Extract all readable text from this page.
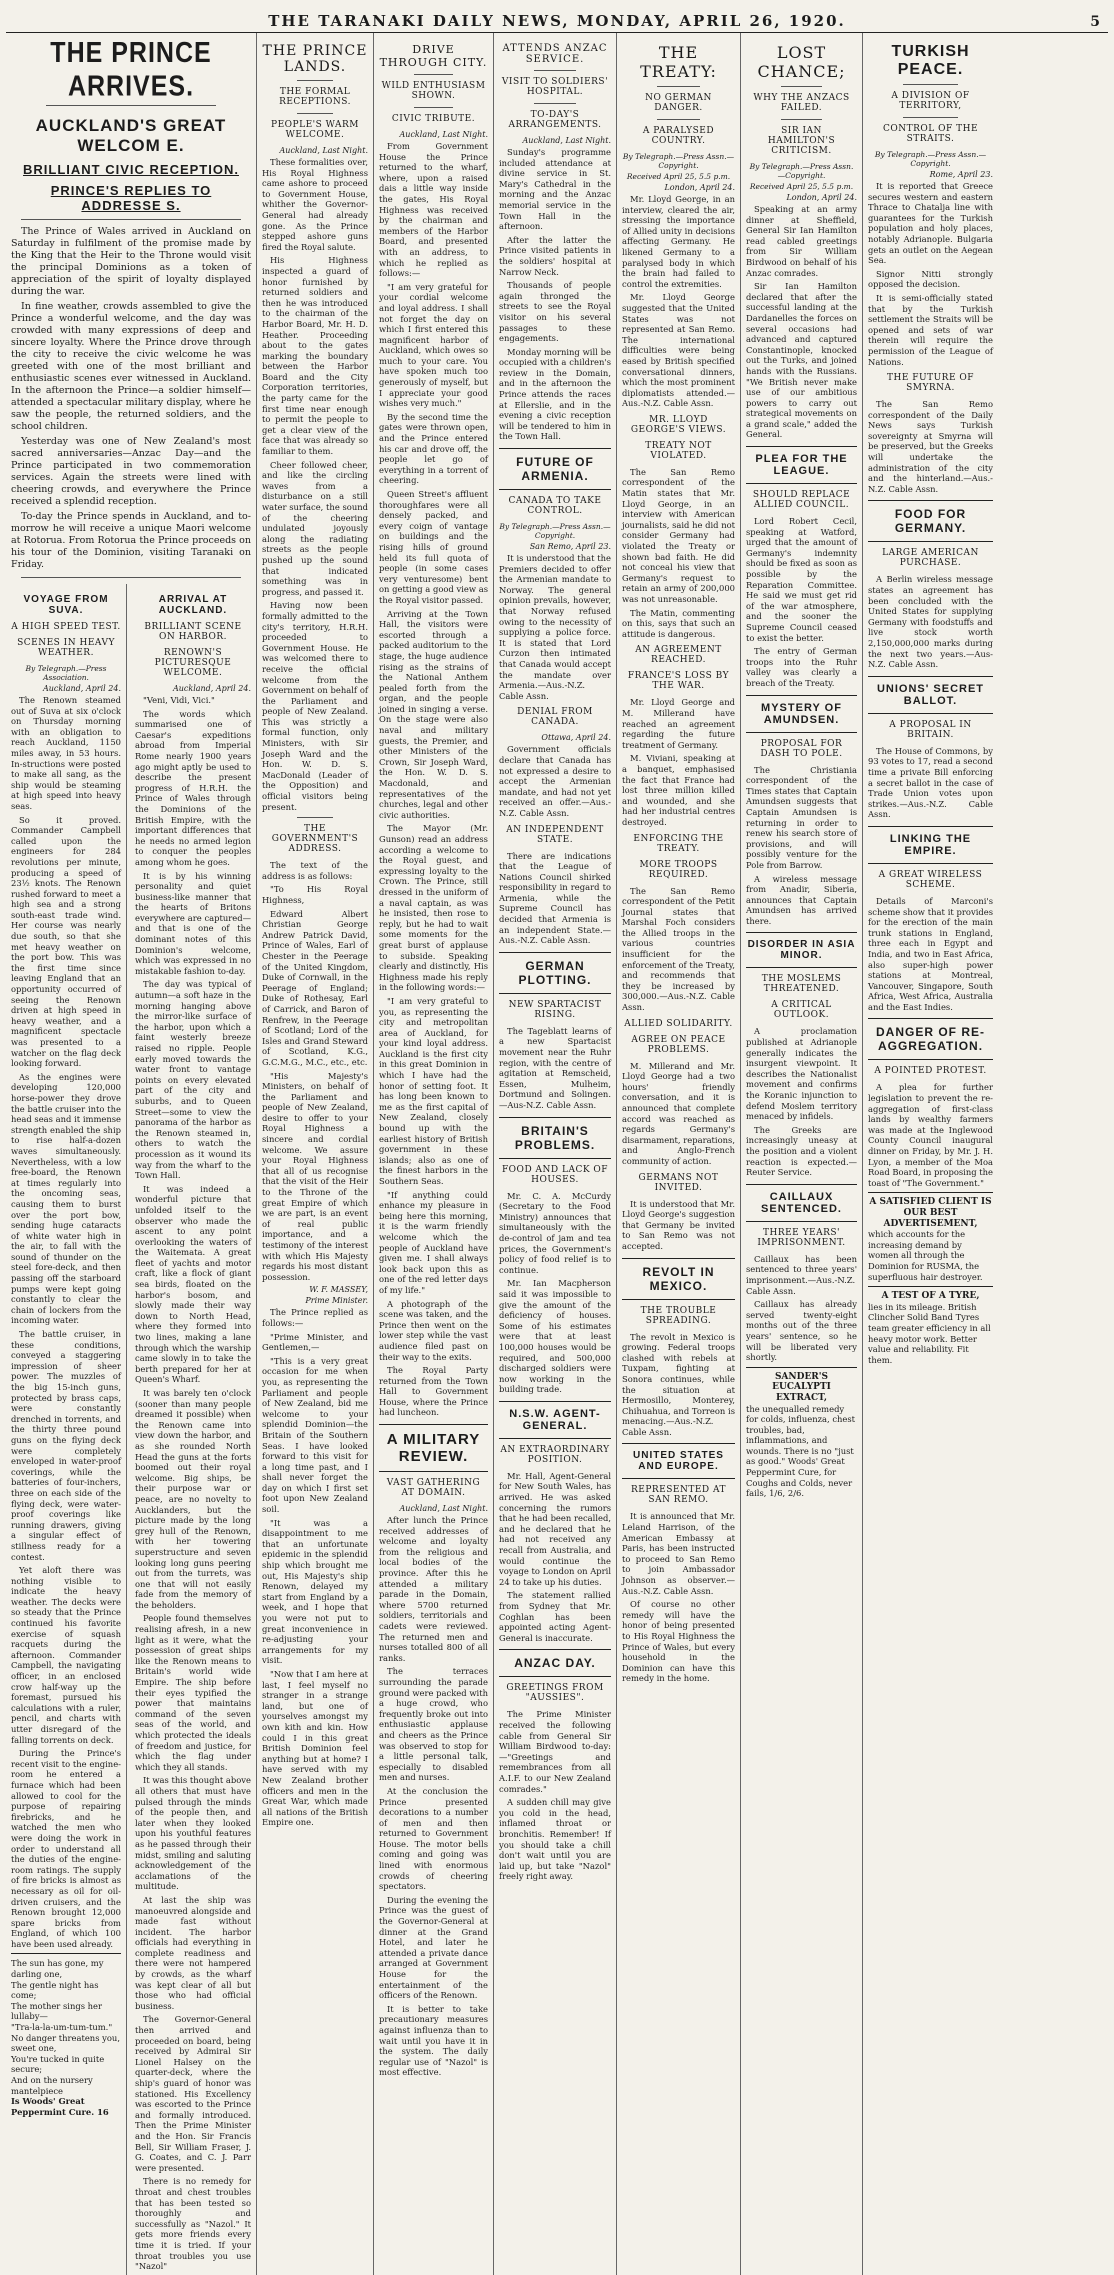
THE TARANAKI DAILY NEWS, MONDAY, APRIL 26, 1920.	5
THE PRINCE ARRIVES.
AUCKLAND'S GREAT WELCOM E.
BRILLIANT CIVIC RECEPTION.
PRINCE'S REPLIES TO ADDRESSE S.

The Prince of Wales arrived in Auckland on Saturday in fulfilment of the promise made by the King that the Heir to the Throne would visit the principal Dominions as a token of appreciation of the spirit of loyalty displayed during the war.

In fine weather, crowds assembled to give the Prince a wonderful welcome, and the day was crowded with many expressions of deep and sincere loyalty. Where the Prince drove through the city to receive the civic welcome he was greeted with one of the most brilliant and enthusiastic scenes ever witnessed in Auckland. In the afternoon the Prince—a soldier himself—attended a spectacular military display, where he saw the people, the returned soldiers, and the school children.

Yesterday was one of New Zealand's most sacred anniversaries—Anzac Day—and the Prince participated in two commemoration services. Again the streets were lined with cheering crowds, and everywhere the Prince received a splendid reception.

To-day the Prince spends in Auckland, and to-morrow he will receive a unique Maori welcome at Rotorua. From Rotorua the Prince proceeds on his tour of the Dominion, visiting Taranaki on Friday.

VOYAGE FROM SUVA.
A HIGH SPEED TEST.
SCENES IN HEAVY WEATHER.
By Telegraph.—Press Association.
Auckland, April 24.

The Renown steamed out of Suva at six o'clock on Thursday morning with an obligation to reach Auckland, 1150 miles away, in 53 hours. In-structions were posted to make all sang, as the ship would be steaming at high speed into heavy seas.

So it proved. Commander Campbell called upon the engineers for 284 revolutions per minute, producing a speed of 23½ knots. The Renown rushed forward to meet a high sea and a strong south-east trade wind. Her course was nearly due south, so that she met heavy weather on the port bow. This was the first time since leaving England that an opportunity occurred of seeing the Renown driven at high speed in heavy weather, and a magnificent spectacle was presented to a watcher on the flag deck looking forward.

As the engines were developing 120,000 horse-power they drove the battle cruiser into the head seas and it immense strength enabled the ship to rise half-a-dozen waves simultaneously. Nevertheless, with a low free-board, the Renown at times regularly into the oncoming seas, causing them to burst over the port bow, sending huge cataracts of white water high in the air, to fall with the sound of thunder on the steel fore-deck, and then passing off the starboard pumps were kept going constantly to clear the chain of lockers from the incoming water.

The battle cruiser, in these conditions, conveyed a staggering impression of sheer power. The muzzles of the big 15-inch guns, protected by brass caps, were constantly drenched in torrents, and the thirty three pound guns on the flying deck were completely enveloped in water-proof coverings, while the batteries of four-inchers, three on each side of the flying deck, were water-proof coverings like running drawers, giving a singular effect of stillness ready for a contest.

Yet aloft there was nothing visible to indicate the heavy weather. The decks were so steady that the Prince continued his favorite exercise of squash racquets during the afternoon. Commander Campbell, the navigating officer, in an enclosed crow half-way up the foremast, pursued his calculations with a ruler, pencil, and charts with utter disregard of the falling torrents on deck.

During the Prince's recent visit to the engine-room he entered a furnace which had been allowed to cool for the purpose of repairing firebricks, and he watched the men who were doing the work in order to understand all the duties of the engine-room ratings. The supply of fire bricks is almost as necessary as oil for oil-driven cruisers, and the Renown brought 12,000 spare bricks from England, of which 100 have been used already.

The sun has gone, my darling one,
The gentle night has come;
The mother sings her lullaby—
"Tra-la-la-um-tum-tum."
No danger threatens you, sweet one,
You're tucked in quite secure;
And on the nursery mantelpiece
Is Woods' Great Peppermint Cure. 16
ARRIVAL AT AUCKLAND.
BRILLIANT SCENE ON HARBOR.
RENOWN'S PICTURESQUE WELCOME.
Auckland, April 24.

"Veni, Vidi, Vici."

The words which summarised one of Caesar's expeditions abroad from Imperial Rome nearly 1900 years ago might aptly be used to describe the present progress of H.R.H. the Prince of Wales through the Dominions of the British Empire, with the important differences that he needs no armed legion to conquer the peoples among whom he goes.

It is by his winning personality and quiet business-like manner that the hearts of Britons everywhere are captured—and that is one of the dominant notes of this Dominion's welcome, which was expressed in no mistakable fashion to-day.

The day was typical of autumn—a soft haze in the morning hanging above the mirror-like surface of the harbor, upon which a faint westerly breeze raised no ripple. People early moved towards the water front to vantage points on every elevated part of the city and suburbs, and to Queen Street—some to view the panorama of the harbor as the Renown steamed in, others to watch the procession as it wound its way from the wharf to the Town Hall.

It was indeed a wonderful picture that unfolded itself to the observer who made the ascent to any point overlooking the waters of the Waitemata. A great fleet of yachts and motor craft, like a flock of giant sea birds, floated on the harbor's bosom, and slowly made their way down to North Head, where they formed into two lines, making a lane through which the warship came slowly in to take the berth prepared for her at Queen's Wharf.

It was barely ten o'clock (sooner than many people dreamed it possible) when the Renown came into view down the harbor, and as she rounded North Head the guns at the forts boomed out their royal welcome. Big ships, be their purpose war or peace, are no novelty to Aucklanders, but the picture made by the long grey hull of the Renown, with her towering superstructure and seven looking long guns peering out from the turrets, was one that will not easily fade from the memory of the beholders.

People found themselves realising afresh, in a new light as it were, what the possession of great ships like the Renown means to Britain's world wide Empire. The ship before their eyes typified the power that maintains command of the seven seas of the world, and which protected the ideals of freedom and justice, for which the flag under which they all stands.

It was this thought above all others that must have pulsed through the minds of the people then, and later when they looked upon his youthful features as he passed through their midst, smiling and saluting acknowledgement of the acclamations of the multitude.

At last the ship was manoeuvred alongside and made fast without incident. The harbor officials had everything in complete readiness and there were not hampered by crowds, as the wharf was kept clear of all but those who had official business.

The Governor-General then arrived and proceeded on board, being received by Admiral Sir Lionel Halsey on the quarter-deck, where the ship's guard of honor was stationed. His Excellency was escorted to the Prince and formally introduced. Then the Prime Minister and the Hon. Sir Francis Bell, Sir William Fraser, J. G. Coates, and C. J. Parr were presented.

There is no remedy for throat and chest troubles that has been tested so thoroughly and successfully as "Nazol." It gets more friends every time it is tried. If your throat troubles you use "Nazol"

THE PRINCE LANDS.
THE FORMAL RECEPTIONS.
PEOPLE'S WARM WELCOME.
Auckland, Last Night.

These formalities over, His Royal Highness came ashore to proceed to Government House, whither the Governor-General had already gone. As the Prince stepped ashore guns fired the Royal salute.

His Highness inspected a guard of honor furnished by returned soldiers and then he was introduced to the chairman of the Harbor Board, Mr. H. D. Heather. Proceeding about to the gates marking the boundary between the Harbor Board and the City Corporation territories, the party came for the first time near enough to permit the people to get a clear view of the face that was already so familiar to them.

Cheer followed cheer, and like the circling waves from a disturbance on a still water surface, the sound of the cheering undulated joyously along the radiating streets as the people pushed up the sound that indicated something was in progress, and passed it.

Having now been formally admitted to the city's territory, H.R.H. proceeded to Government House. He was welcomed there to receive the official welcome from the Government on behalf of the Parliament and people of New Zealand. This was strictly a formal function, only Ministers, with Sir Joseph Ward and the Hon. W. D. S. MacDonald (Leader of the Opposition) and official visitors being present.

THE GOVERNMENT'S ADDRESS.

The text of the address is as follows:

"To His Royal Highness,

Edward Albert Christian George Andrew Patrick David, Prince of Wales, Earl of Chester in the Peerage of the United Kingdom, Duke of Cornwall, in the Peerage of England; Duke of Rothesay, Earl of Carrick, and Baron of Renfrew, in the Peerage of Scotland; Lord of the Isles and Grand Steward of Scotland, K.G., G.C.M.G., M.C., etc., etc.

"His Majesty's Ministers, on behalf of the Parliament and people of New Zealand, desire to offer to your Royal Highness a sincere and cordial welcome. We assure your Royal Highness that all of us recognise that the visit of the Heir to the Throne of the great Empire of which we are part, is an event of real public importance, and a testimony of the interest with which His Majesty regards his most distant possession.

W. F. MASSEY,
Prime Minister.

The Prince replied as follows:—

"Prime Minister, and Gentlemen,—

"This is a very great occasion for me when you, as representing the Parliament and people of New Zealand, bid me welcome to your splendid Dominion—the Britain of the Southern Seas. I have looked forward to this visit for a long time past, and I shall never forget the day on which I first set foot upon New Zealand soil.

"It was a disappointment to me that an unfortunate epidemic in the splendid ship which brought me out, His Majesty's ship Renown, delayed my start from England by a week, and I hope that you were not put to great inconvenience in re-adjusting your arrangements for my visit.

"Now that I am here at last, I feel myself no stranger in a strange land, but one of yourselves amongst my own kith and kin. How could I in this great British Dominion feel anything but at home? I have served with my New Zealand brother officers and men in the Great War, which made all nations of the British Empire one.

DRIVE THROUGH CITY.
WILD ENTHUSIASM SHOWN.
CIVIC TRIBUTE.
Auckland, Last Night.

From Government House the Prince returned to the wharf, where, upon a raised dais a little way inside the gates, His Royal Highness was received by the chairman and members of the Harbor Board, and presented with an address, to which he replied as follows:—

"I am very grateful for your cordial welcome and loyal address. I shall not forget the day on which I first entered this magnificent harbor of Auckland, which owes so much to your care. You have spoken much too generously of myself, but I appreciate your good wishes very much."

By the second time the gates were thrown open, and the Prince entered his car and drove off, the people let go of everything in a torrent of cheering.

Queen Street's affluent thoroughfares were all densely packed, and every coign of vantage on buildings and the rising hills of ground held its full quota of people (in some cases very venturesome) bent on getting a good view as the Royal visitor passed.

Arriving at the Town Hall, the visitors were escorted through a packed auditorium to the stage, the huge audience rising as the strains of the National Anthem pealed forth from the organ, and the people joined in singing a verse. On the stage were also naval and military guests, the Premier, and other Ministers of the Crown, Sir Joseph Ward, the Hon. W. D. S. Macdonald, and representatives of the churches, legal and other civic authorities.

The Mayor (Mr. Gunson) read an address according a welcome to the Royal guest, and expressing loyalty to the Crown. The Prince, still dressed in the uniform of a naval captain, as was he insisted, then rose to reply, but he had to wait some moments for the great burst of applause to subside. Speaking clearly and distinctly, His Highness made his reply in the following words:—

"I am very grateful to you, as representing the city and metropolitan area of Auckland, for your kind loyal address. Auckland is the first city in this great Dominion in which I have had the honor of setting foot. It has long been known to me as the first capital of New Zealand, closely bound up with the earliest history of British government in these islands; also as one of the finest harbors in the Southern Seas.

"If anything could enhance my pleasure in being here this morning, it is the warm friendly welcome which the people of Auckland have given me. I shall always look back upon this as one of the red letter days of my life."

A photograph of the scene was taken, and the Prince then went on the lower step while the vast audience filed past on their way to the exits.

The Royal Party returned from the Town Hall to Government House, where the Prince had luncheon.

A MILITARY REVIEW.
VAST GATHERING AT DOMAIN.
Auckland, Last Night.

After lunch the Prince received addresses of welcome and loyalty from the religious and local bodies of the province. After this he attended a military parade in the Domain, where 5700 returned soldiers, territorials and cadets were reviewed. The returned men and nurses totalled 800 of all ranks.

The terraces surrounding the parade ground were packed with a huge crowd, who frequently broke out into enthusiastic applause and cheers as the Prince was observed to stop for a little personal talk, especially to disabled men and nurses.

At the conclusion the Prince presented decorations to a number of men and then returned to Government House. The motor bells coming and going was lined with enormous crowds of cheering spectators.

During the evening the Prince was the guest of the Governor-General at dinner at the Grand Hotel, and later he attended a private dance arranged at Government House for the entertainment of the officers of the Renown.

It is better to take precautionary measures against influenza than to wait until you have it in the system. The daily regular use of "Nazol" is most effective.

ATTENDS ANZAC SERVICE.
VISIT TO SOLDIERS' HOSPITAL.
TO-DAY'S ARRANGEMENTS.
Auckland, Last Night.

Sunday's programme included attendance at divine service in St. Mary's Cathedral in the morning and the Anzac memorial service in the Town Hall in the afternoon.

After the latter the Prince visited patients in the soldiers' hospital at Narrow Neck.

Thousands of people again thronged the streets to see the Royal visitor on his several passages to these engagements.

Monday morning will be occupied with a children's review in the Domain, and in the afternoon the Prince attends the races at Ellerslie, and in the evening a civic reception will be tendered to him in the Town Hall.

FUTURE OF ARMENIA.
CANADA TO TAKE CONTROL.
By Telegraph.—Press Assn.—Copyright.
San Remo, April 23.

It is understood that the Premiers decided to offer the Armenian mandate to Norway. The general opinion prevails, however, that Norway refused owing to the necessity of supplying a police force. It is stated that Lord Curzon then intimated that Canada would accept the mandate over Armenia.—Aus.-N.Z. Cable Assn.

DENIAL FROM CANADA.
Ottawa, April 24.

Government officials declare that Canada has not expressed a desire to accept the Armenian mandate, and had not yet received an offer.—Aus.-N.Z. Cable Assn.

AN INDEPENDENT STATE.

There are indications that the League of Nations Council shirked responsibility in regard to Armenia, while the Supreme Council has decided that Armenia is an independent State.—Aus.-N.Z. Cable Assn.

GERMAN PLOTTING.
NEW SPARTACIST RISING.

The Tageblatt learns of a new Spartacist movement near the Ruhr region, with the centre of agitation at Remscheid, Essen, Mulheim, Dortmund and Solingen.—Aus-N.Z. Cable Assn.

BRITAIN'S PROBLEMS.
FOOD AND LACK OF HOUSES.

Mr. C. A. McCurdy (Secretary to the Food Ministry) announces that simultaneously with the de-control of jam and tea prices, the Government's policy of food relief is to continue.

Mr. Ian Macpherson said it was impossible to give the amount of the deficiency of houses. Some of his estimates were that at least 100,000 houses would be required, and 500,000 discharged soldiers were now working in the building trade.

N.S.W. AGENT-GENERAL.
AN EXTRAORDINARY POSITION.

Mr. Hall, Agent-General for New South Wales, has arrived. He was asked concerning the rumors that he had been recalled, and he declared that he had not received any recall from Australia, and would continue the voyage to London on April 24 to take up his duties.

The statement rallied from Sydney that Mr. Coghlan has been appointed acting Agent-General is inaccurate.

ANZAC DAY.
GREETINGS FROM "AUSSIES".

The Prime Minister received the following cable from General Sir William Birdwood to-day:—"Greetings and remembrances from all A.I.F. to our New Zealand comrades."

A sudden chill may give you cold in the head, inflamed throat or bronchitis. Remember! If you should take a chill don't wait until you are laid up, but take "Nazol" freely right away.

THE TREATY:
NO GERMAN DANGER.
A PARALYSED COUNTRY.
By Telegraph.—Press Assn.—Copyright.
Received April 25, 5.5 p.m.
London, April 24.

Mr. Lloyd George, in an interview, cleared the air, stressing the importance of Allied unity in decisions affecting Germany. He likened Germany to a paralysed body in which the brain had failed to control the extremities.

Mr. Lloyd George suggested that the United States was not represented at San Remo. The international difficulties were being eased by British specified conversational dinners, which the most prominent diplomatists attended.—Aus.-N.Z. Cable Assn.

MR. LLOYD GEORGE'S VIEWS.
TREATY NOT VIOLATED.

The San Remo correspondent of the Matin states that Mr. Lloyd George, in an interview with American journalists, said he did not consider Germany had violated the Treaty or shown bad faith. He did not conceal his view that Germany's request to retain an army of 200,000 was not unreasonable.

The Matin, commenting on this, says that such an attitude is dangerous.

AN AGREEMENT REACHED.
FRANCE'S LOSS BY THE WAR.

Mr. Lloyd George and M. Millerand have reached an agreement regarding the future treatment of Germany.

M. Viviani, speaking at a banquet, emphasised the fact that France had lost three million killed and wounded, and she had her industrial centres destroyed.

ENFORCING THE TREATY.
MORE TROOPS REQUIRED.

The San Remo correspondent of the Petit Journal states that Marshal Foch considers the Allied troops in the various countries insufficient for the enforcement of the Treaty, and recommends that they be increased by 300,000.—Aus.-N.Z. Cable Assn.

ALLIED SOLIDARITY.
AGREE ON PEACE PROBLEMS.

M. Millerand and Mr. Lloyd George had a two hours' friendly conversation, and it is announced that complete accord was reached as regards Germany's disarmament, reparations, and Anglo-French community of action.

GERMANS NOT INVITED.

It is understood that Mr. Lloyd George's suggestion that Germany be invited to San Remo was not accepted.

REVOLT IN MEXICO.
THE TROUBLE SPREADING.

The revolt in Mexico is growing. Federal troops clashed with rebels at Tuxpam, fighting at Sonora continues, while the situation at Hermosillo, Monterey, Chihuahua, and Torreon is menacing.—Aus.-N.Z. Cable Assn.

UNITED STATES AND EUROPE.
REPRESENTED AT SAN REMO.

It is announced that Mr. Leland Harrison, of the American Embassy at Paris, has been instructed to proceed to San Remo to join Ambassador Johnson as observer.—Aus.-N.Z. Cable Assn.

Of course no other remedy will have the honor of being presented to His Royal Highness the Prince of Wales, but every household in the Dominion can have this remedy in the home.

LOST CHANCE;
WHY THE ANZACS FAILED.
SIR IAN HAMILTON'S CRITICISM.
By Telegraph.—Press Assn.—Copyright.
Received April 25, 5.5 p.m.
London, April 24.

Speaking at an army dinner at Sheffield, General Sir Ian Hamilton read cabled greetings from Sir William Birdwood on behalf of his Anzac comrades.

Sir Ian Hamilton declared that after the successful landing at the Dardanelles the forces on several occasions had advanced and captured Constantinople, knocked out the Turks, and joined hands with the Russians. "We British never make use of our ambitious powers to carry out strategical movements on a grand scale," added the General.

PLEA FOR THE LEAGUE.
SHOULD REPLACE ALLIED COUNCIL.

Lord Robert Cecil, speaking at Watford, urged that the amount of Germany's indemnity should be fixed as soon as possible by the Reparation Committee. He said we must get rid of the war atmosphere, and the sooner the Supreme Council ceased to exist the better.

The entry of German troops into the Ruhr valley was clearly a breach of the Treaty.

MYSTERY OF AMUNDSEN.
PROPOSAL FOR DASH TO POLE.

The Christiania correspondent of the Times states that Captain Amundsen suggests that Captain Amundsen is returning in order to renew his search store of provisions, and will possibly venture for the Pole from Barrow.

A wireless message from Anadir, Siberia, announces that Captain Amundsen has arrived there.

DISORDER IN ASIA MINOR.
THE MOSLEMS THREATENED.
A CRITICAL OUTLOOK.

A proclamation published at Adrianople generally indicates the insurgent viewpoint. It describes the Nationalist movement and confirms the Koranic injunction to defend Moslem territory menaced by infidels.

The Greeks are increasingly uneasy at the position and a violent reaction is expected.—Reuter Service.

CAILLAUX SENTENCED.
THREE YEARS' IMPRISONMENT.

Caillaux has been sentenced to three years' imprisonment.—Aus.-N.Z. Cable Assn.

Caillaux has already served twenty-eight months out of the three years' sentence, so he will be liberated very shortly.

SANDER'S EUCALYPTI EXTRACT,
the unequalled remedy for colds, influenza, chest troubles, bad, inflammations, and wounds. There is no "just as good." Woods' Great Peppermint Cure, for Coughs and Colds, never fails, 1/6, 2/6.
TURKISH PEACE.
A DIVISION OF TERRITORY,
CONTROL OF THE STRAITS.
By Telegraph.—Press Assn.—Copyright.
Rome, April 23.

It is reported that Greece secures western and eastern Thrace to Chatalja line with guarantees for the Turkish population and holy places, notably Adrianople. Bulgaria gets an outlet on the Aegean Sea.

Signor Nitti strongly opposed the decision.

It is semi-officially stated that by the Turkish settlement the Straits will be opened and sets of war therein will require the permission of the League of Nations.

THE FUTURE OF SMYRNA.

The San Remo correspondent of the Daily News says Turkish sovereignty at Smyrna will be preserved, but the Greeks will undertake the administration of the city and the hinterland.—Aus.-N.Z. Cable Assn.

FOOD FOR GERMANY.
LARGE AMERICAN PURCHASE.

A Berlin wireless message states an agreement has been concluded with the United States for supplying Germany with foodstuffs and live stock worth 2,150,000,000 marks during the next two years.—Aus-N.Z. Cable Assn.

UNIONS' SECRET BALLOT.
A PROPOSAL IN BRITAIN.

The House of Commons, by 93 votes to 17, read a second time a private Bill enforcing a secret ballot in the case of Trade Union votes upon strikes.—Aus.-N.Z. Cable Assn.

LINKING THE EMPIRE.
A GREAT WIRELESS SCHEME.

Details of Marconi's scheme show that it provides for the erection of the main trunk stations in England, three each in Egypt and India, and two in East Africa, also super-high power stations at Montreal, Vancouver, Singapore, South Africa, West Africa, Australia and the East Indies.

DANGER OF RE-AGGREGATION.
A POINTED PROTEST.

A plea for further legislation to prevent the re-aggregation of first-class lands by wealthy farmers was made at the Inglewood County Council inaugural dinner on Friday, by Mr. J. H. Lyon, a member of the Moa Road Board, in proposing the toast of "The Government."

A SATISFIED CLIENT IS OUR BEST ADVERTISEMENT,
which accounts for the increasing demand by women all through the Dominion for RUSMA, the superfluous hair destroyer.
A TEST OF A TYRE,
lies in its mileage. British Clincher Solid Band Tyres team greater efficiency in all heavy motor work. Better value and reliability. Fit them.
